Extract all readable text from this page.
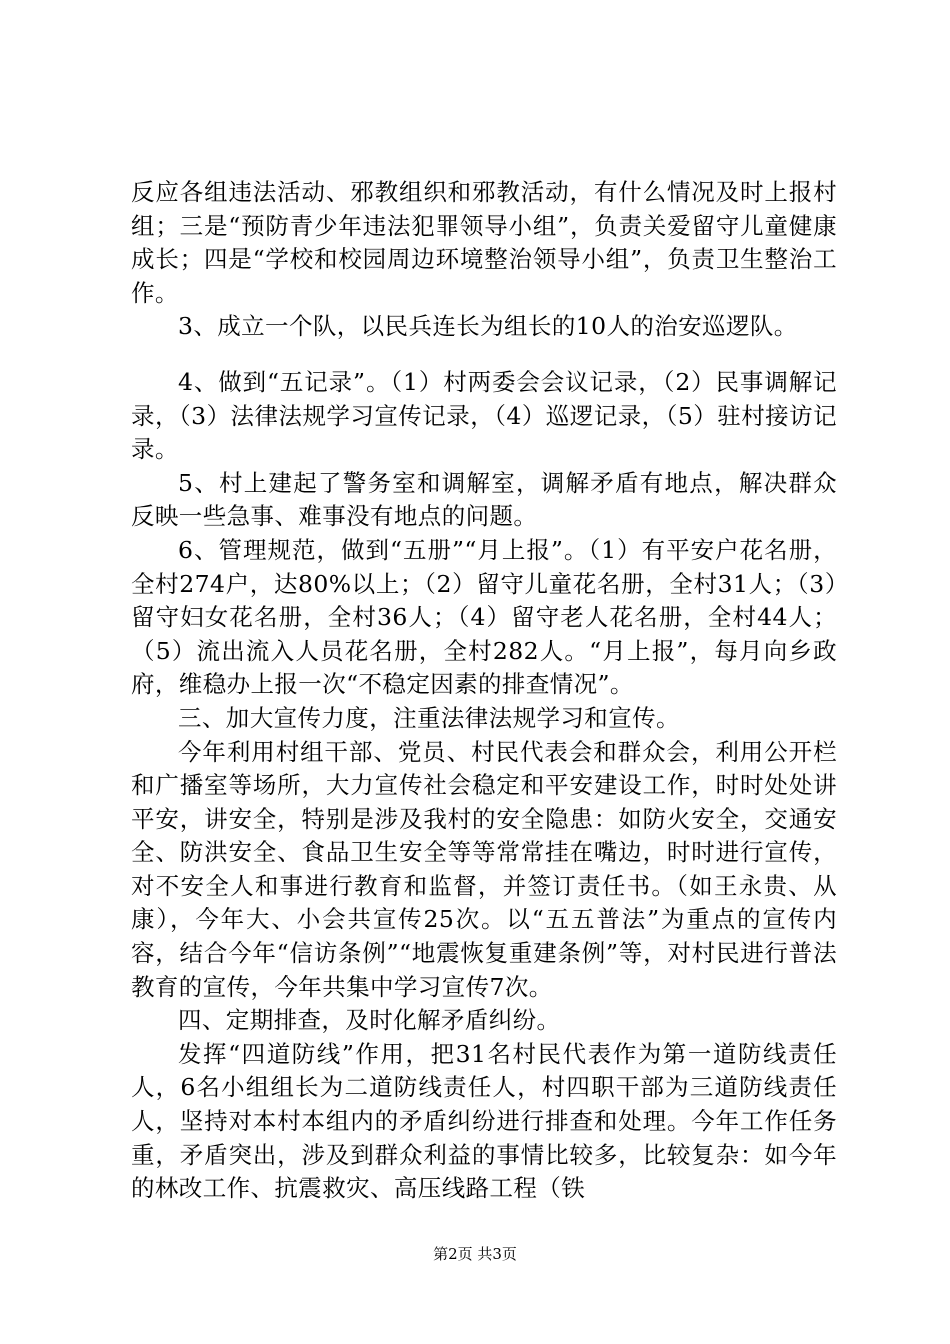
反应各组违法活动、邪教组织和邪教活动，有什么情况及时上报村组；三是“预防青少年违法犯罪领导小组”，负责关爱留守儿童健康成长；四是“学校和校园周边环境整治领导小组”，负责卫生整治工作。

3、成立一个队，以民兵连长为组长的10人的治安巡逻队。

4、做到“五记录”。（1）村两委会会议记录，（2）民事调解记录，（3）法律法规学习宣传记录，（4）巡逻记录，（5）驻村接访记录。

5、村上建起了警务室和调解室，调解矛盾有地点，解决群众反映一些急事、难事没有地点的问题。

6、管理规范，做到“五册”“月上报”。（1）有平安户花名册，全村274户，达80%以上；（2）留守儿童花名册，全村31人；（3）留守妇女花名册，全村36人；（4）留守老人花名册，全村44人；（5）流出流入人员花名册，全村282人。“月上报”，每月向乡政府，维稳办上报一次“不稳定因素的排查情况”。

三、加大宣传力度，注重法律法规学习和宣传。

今年利用村组干部、党员、村民代表会和群众会，利用公开栏和广播室等场所，大力宣传社会稳定和平安建设工作，时时处处讲平安，讲安全，特别是涉及我村的安全隐患：如防火安全，交通安全、防洪安全、食品卫生安全等等常常挂在嘴边，时时进行宣传，对不安全人和事进行教育和监督，并签订责任书。（如王永贵、从康），今年大、小会共宣传25次。以“五五普法”为重点的宣传内容，结合今年“信访条例”“地震恢复重建条例”等，对村民进行普法教育的宣传，今年共集中学习宣传7次。

四、定期排查，及时化解矛盾纠纷。

发挥“四道防线”作用，把31名村民代表作为第一道防线责任人，6名小组组长为二道防线责任人，村四职干部为三道防线责任人，坚持对本村本组内的矛盾纠纷进行排查和处理。今年工作任务重，矛盾突出，涉及到群众利益的事情比较多，比较复杂：如今年的林改工作、抗震救灾、高压线路工程（铁

第2页 共3页
